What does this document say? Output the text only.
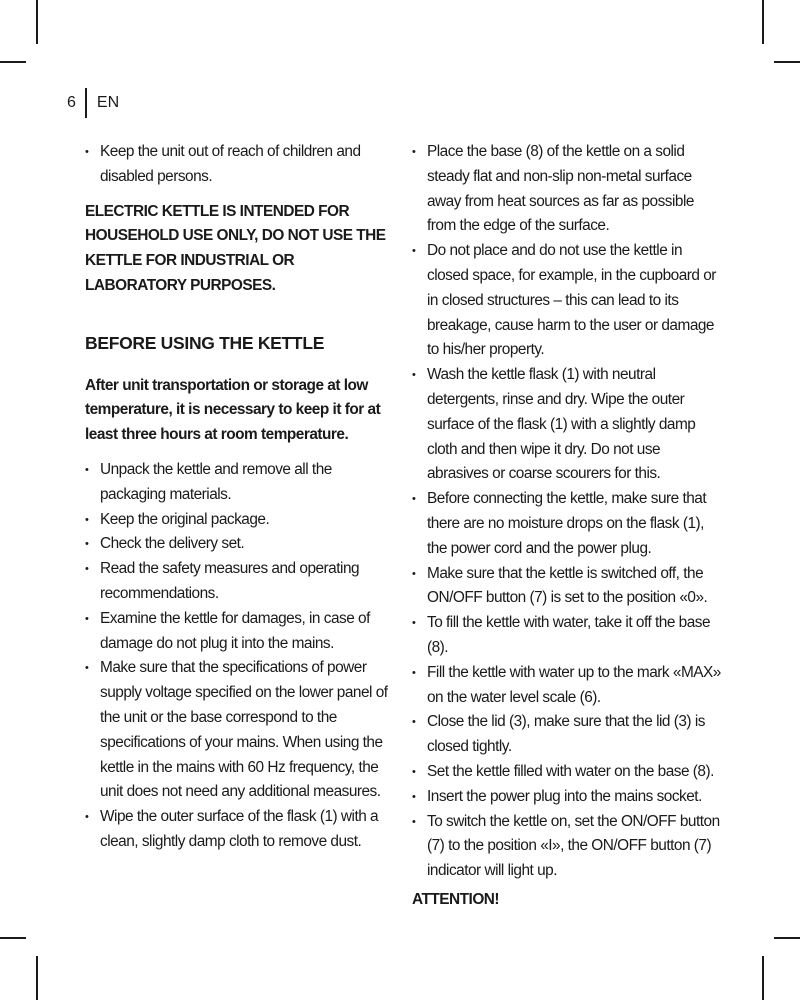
6 EN
• Keep the unit out of reach of children and disabled persons.

ELECTRIC KETTLE IS INTENDED FOR HOUSEHOLD USE ONLY, DO NOT USE THE KETTLE FOR INDUSTRIAL OR LABORATORY PURPOSES.

BEFORE USING THE KETTLE

After unit transportation or storage at low temperature, it is necessary to keep it for at least three hours at room temperature.

• Unpack the kettle and remove all the packaging materials.
• Keep the original package.
• Check the delivery set.
• Read the safety measures and operating recommendations.
• Examine the kettle for damages, in case of damage do not plug it into the mains.
• Make sure that the specifications of power supply voltage specified on the lower panel of the unit or the base correspond to the specifications of your mains. When using the kettle in the mains with 60 Hz frequency, the unit does not need any additional measures.
• Wipe the outer surface of the flask (1) with a clean, slightly damp cloth to remove dust.
• Place the base (8) of the kettle on a solid steady flat and non-slip non-metal surface away from heat sources as far as possible from the edge of the surface.
• Do not place and do not use the kettle in closed space, for example, in the cupboard or in closed structures – this can lead to its breakage, cause harm to the user or damage to his/her property.
• Wash the kettle flask (1) with neutral detergents, rinse and dry. Wipe the outer surface of the flask (1) with a slightly damp cloth and then wipe it dry. Do not use abrasives or coarse scourers for this.
• Before connecting the kettle, make sure that there are no moisture drops on the flask (1), the power cord and the power plug.
• Make sure that the kettle is switched off, the ON/OFF button (7) is set to the position «0».
• To fill the kettle with water, take it off the base (8).
• Fill the kettle with water up to the mark «MAX» on the water level scale (6).
• Close the lid (3), make sure that the lid (3) is closed tightly.
• Set the kettle filled with water on the base (8).
• Insert the power plug into the mains socket.
• To switch the kettle on, set the ON/OFF button (7) to the position «I», the ON/OFF button (7) indicator will light up.
ATTENTION!
